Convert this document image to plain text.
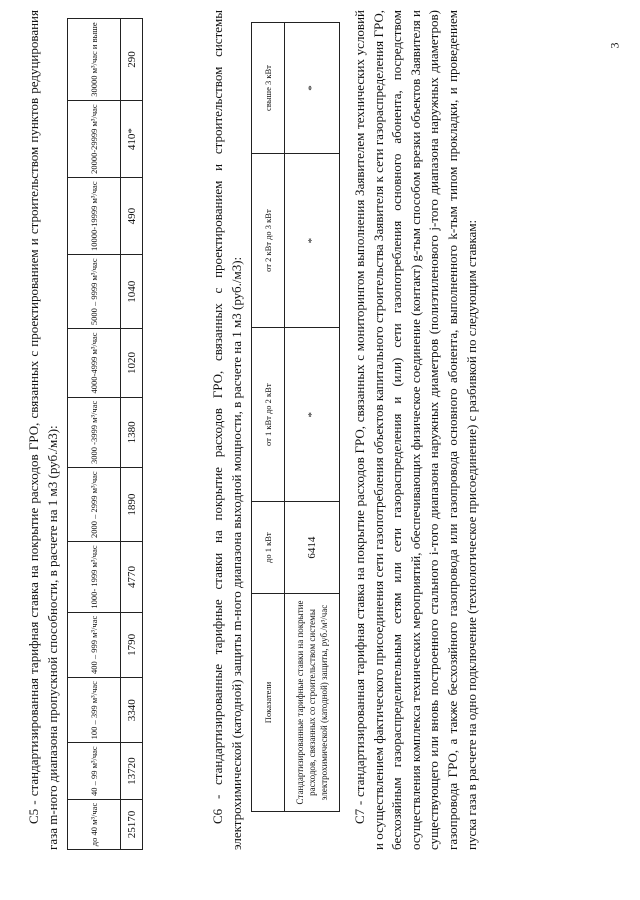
3

С5 - стандартизированная тарифная ставка на покрытие расходов ГРО, связанных с проектированием и строительством пунктов редуцирования газа m-ного диапазона пропускной способности, в расчете на 1 м3 (руб./м3):	до 40 м³/час	40 – 99 м³/час	100 – 399 м³/час	400 – 999 м³/час	1000- 1999 м³/час	2000 – 2999 м³/час	3000 -3999 м³/час	4000-4999 м³/час	5000 – 9999 м³/час	10000-19999 м³/час	20000-29999 м³/час	30000 м³/час и выше
25170	13720	3340	1790	4770	1890	1380	1020	1040	490	410*	290	С6 - стандартизированные тарифные ставки на покрытие расходов ГРО, связанных с проектированием и строительством системы электрохимической (катодной) защиты m-ного диапазона выходной мощности, в расчете на 1 м3 (руб./м3): Показатели	до 1 кВт	от 1 кВт до 2 кВт	от 2 кВт до 3 кВт	свыше 3 кВт
Стандартизированные тарифные ставки на покрытие расходов, связанных со строительством системы электрохимической (катодной) защиты, руб./м³/час	6414	*	*	*	С7 - стандартизированная тарифная ставка на покрытие расходов ГРО, связанных с мониторингом выполнения Заявителем технических условий и осуществлением фактического присоединения сети газопотребления объектов капитального строительства Заявителя к сети газораспределения ГРО, бесхозяйным газораспределительным сетям или сети газораспределения и (или) сети газопотребления основного абонента, посредством осуществления комплекса технических мероприятий, обеспечивающих физическое соединение (контакт) g-тым способом врезки объектов Заявителя и существующего или вновь построенного стального i-того диапазона наружных диаметров (полиэтиленового j-того диапазона наружных диаметров) газопровода ГРО, а также бесхозяйного газопровода или газопровода основного абонента, выполненного k-тым типом прокладки, и проведением пуска газа в расчете на одно подключение (технологическое присоединение) с разбивкой по следующим ставкам:
